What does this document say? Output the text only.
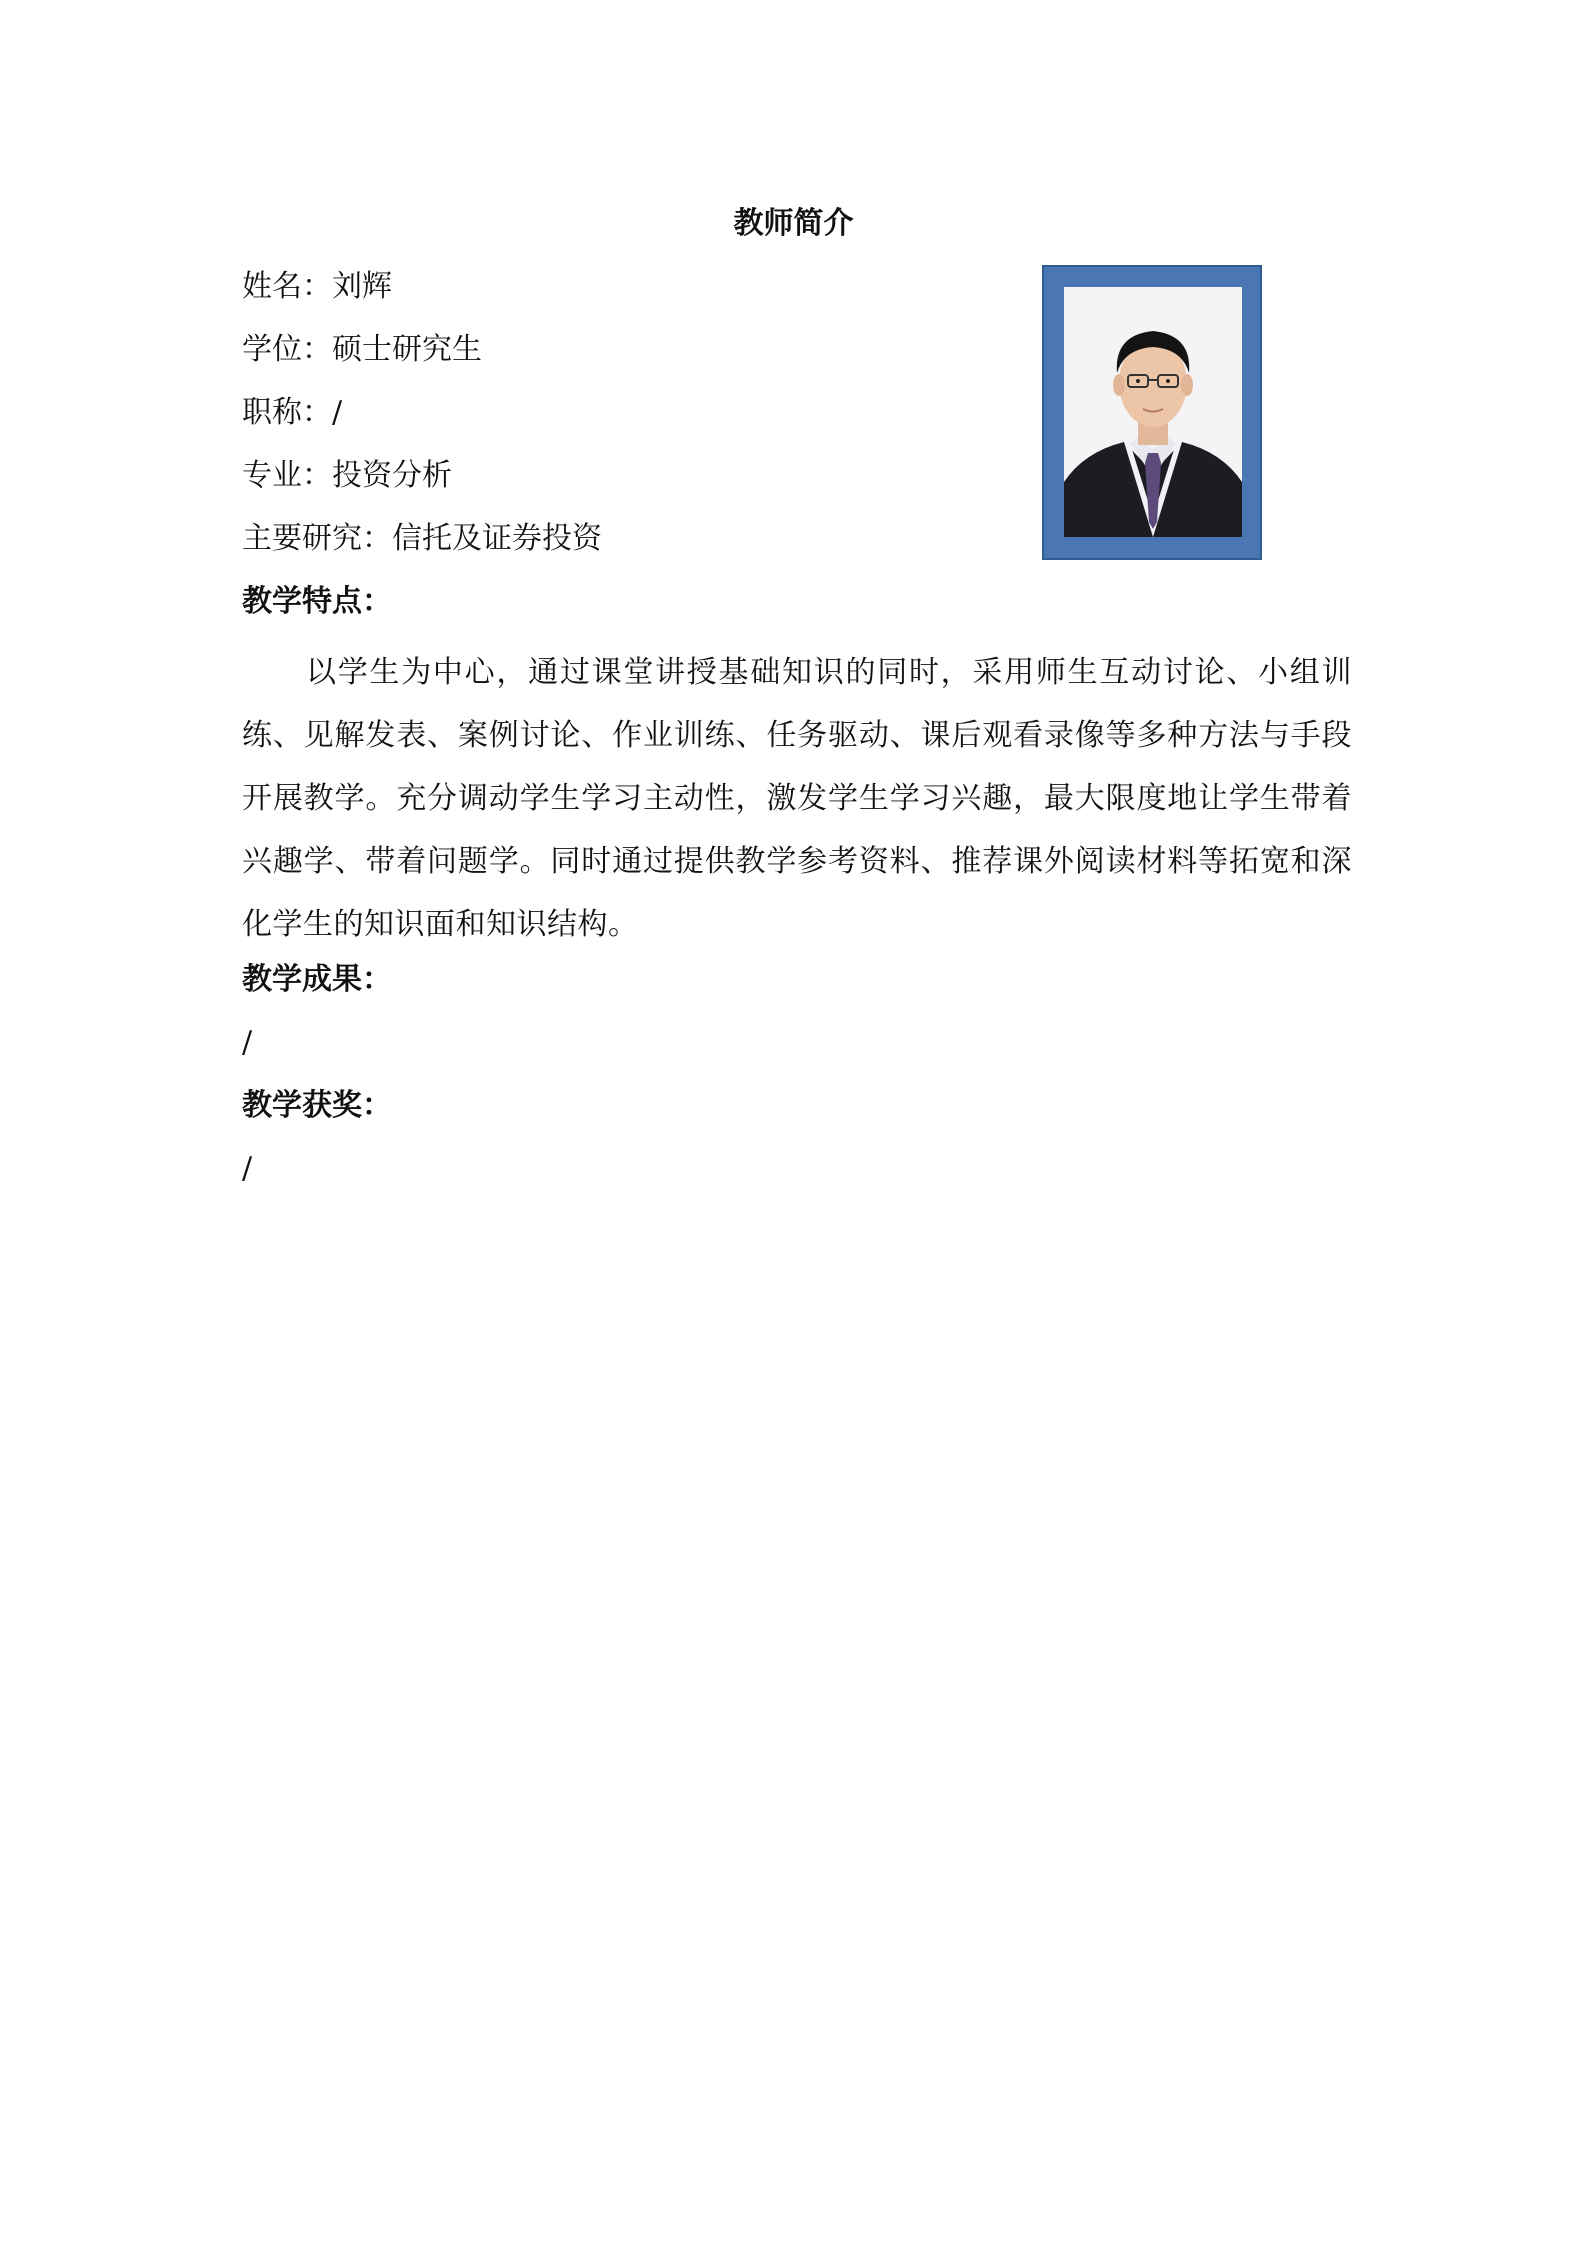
教师简介
姓名：刘辉
学位：硕士研究生
职称：/
专业：投资分析
主要研究：信托及证券投资
教学特点：
以学生为中心，通过课堂讲授基础知识的同时，采用师生互动讨论、小组训练、见解发表、案例讨论、作业训练、任务驱动、课后观看录像等多种方法与手段开展教学。充分调动学生学习主动性，激发学生学习兴趣，最大限度地让学生带着兴趣学、带着问题学。同时通过提供教学参考资料、推荐课外阅读材料等拓宽和深化学生的知识面和知识结构。
教学成果：
/
教学获奖：
/
